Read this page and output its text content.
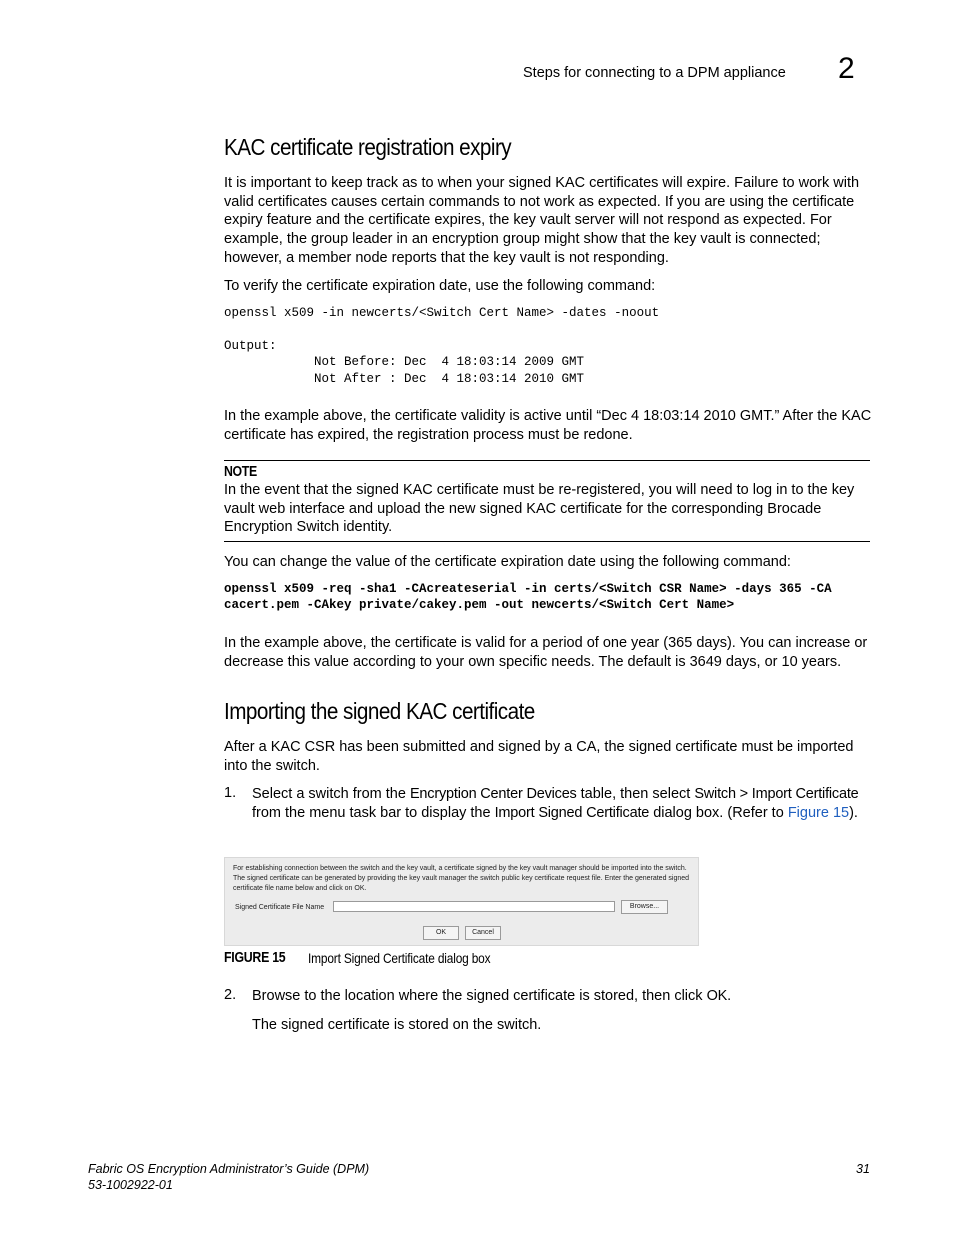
Steps for connecting to a DPM appliance 2
KAC certificate registration expiry

It is important to keep track as to when your signed KAC certificates will expire. Failure to work with valid certificates causes certain commands to not work as expected. If you are using the certificate expiry feature and the certificate expires, the key vault server will not respond as expected. For example, the group leader in an encryption group might show that the key vault is connected; however, a member node reports that the key vault is not responding.

To verify the certificate expiration date, use the following command:

openssl x509 -in newcerts/<Switch Cert Name> -dates -noout
Output:
Not Before: Dec  4 18:03:14 2009 GMT
Not After : Dec  4 18:03:14 2010 GMT

In the example above, the certificate validity is active until “Dec 4 18:03:14 2010 GMT.” After the KAC certificate has expired, the registration process must be redone.

NOTE

In the event that the signed KAC certificate must be re-registered, you will need to log in to the key vault web interface and upload the new signed KAC certificate for the corresponding Brocade Encryption Switch identity.

You can change the value of the certificate expiration date using the following command:

openssl x509 -req -sha1 -CAcreateserial -in certs/<Switch CSR Name> -days 365 -CA
cacert.pem -CAkey private/cakey.pem -out newcerts/<Switch Cert Name>

In the example above, the certificate is valid for a period of one year (365 days). You can increase or decrease this value according to your own specific needs. The default is 3649 days, or 10 years.

Importing the signed KAC certificate

After a KAC CSR has been submitted and signed by a CA, the signed certificate must be imported into the switch.

1. Select a switch from the Encryption Center Devices table, then select Switch > Import Certificate from the menu task bar to display the Import Signed Certificate dialog box. (Refer to Figure 15).

For establishing connection between the switch and the key vault, a certificate signed by the key vault manager should be imported into the switch. The signed certificate can be generated by providing the key vault manager the switch public key certificate request file. Enter the generated signed certificate file name below and click on OK.
Signed Certificate File Name	Browse...
OK	Cancel
FIGURE 15 Import Signed Certificate dialog box
2. Browse to the location where the signed certificate is stored, then click OK.

The signed certificate is stored on the switch.

Fabric OS Encryption Administrator’s Guide (DPM)
53-1002922-01
31
